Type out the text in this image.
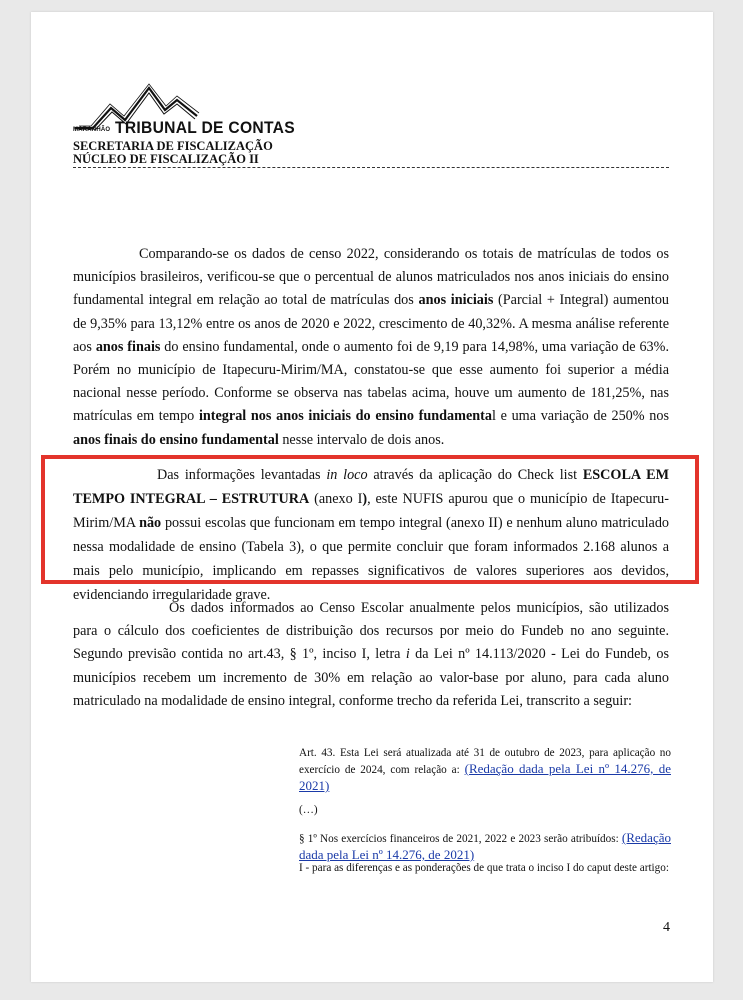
MARANHÃO TRIBUNAL DE CONTAS
SECRETARIA DE FISCALIZAÇÃO
NÚCLEO DE FISCALIZAÇÃO II

Comparando-se os dados de censo 2022, considerando os totais de matrículas de todos os municípios brasileiros, verificou-se que o percentual de alunos matriculados nos anos iniciais do ensino fundamental integral em relação ao total de matrículas dos anos iniciais (Parcial + Integral) aumentou de 9,35% para 13,12% entre os anos de 2020 e 2022, crescimento de 40,32%. A mesma análise referente aos anos finais do ensino fundamental, onde o aumento foi de 9,19 para 14,98%, uma variação de 63%. Porém no município de Itapecuru-Mirim/MA, constatou-se que esse aumento foi superior a média nacional nesse período. Conforme se observa nas tabelas acima, houve um aumento de 181,25%, nas matrículas em tempo integral nos anos iniciais do ensino fundamental e uma variação de 250% nos anos finais do ensino fundamental nesse intervalo de dois anos.

Das informações levantadas in loco através da aplicação do Check list ESCOLA EM TEMPO INTEGRAL – ESTRUTURA (anexo I), este NUFIS apurou que o município de Itapecuru-Mirim/MA não possui escolas que funcionam em tempo integral (anexo II) e nenhum aluno matriculado nessa modalidade de ensino (Tabela 3), o que permite concluir que foram informados 2.168 alunos a mais pelo município, implicando em repasses significativos de valores superiores aos devidos, evidenciando irregularidade grave.

Os dados informados ao Censo Escolar anualmente pelos municípios, são utilizados para o cálculo dos coeficientes de distribuição dos recursos por meio do Fundeb no ano seguinte. Segundo previsão contida no art.43, § 1º, inciso I, letra i da Lei nº 14.113/2020 - Lei do Fundeb, os municípios recebem um incremento de 30% em relação ao valor-base por aluno, para cada aluno matriculado na modalidade de ensino integral, conforme trecho da referida Lei, transcrito a seguir:

Art. 43. Esta Lei será atualizada até 31 de outubro de 2023, para aplicação no exercício de 2024, com relação a: (Redação dada pela Lei nº 14.276, de 2021)
(…)
§ 1º Nos exercícios financeiros de 2021, 2022 e 2023 serão atribuídos: (Redação dada pela Lei nº 14.276, de 2021)
I - para as diferenças e as ponderações de que trata o inciso I do caput deste artigo:
4
